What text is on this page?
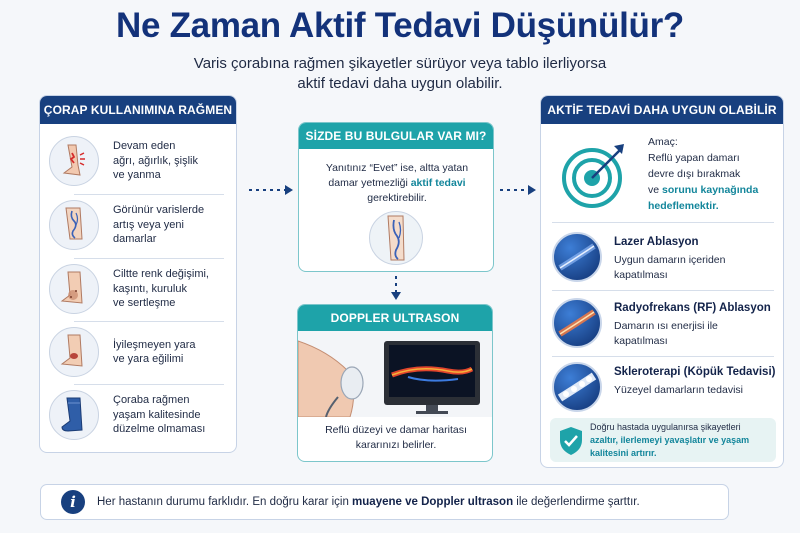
Ne Zaman Aktif Tedavi Düşünülür?
Varis çorabına rağmen şikayetler sürüyor veya tablo ilerliyorsa
aktif tedavi daha uygun olabilir.
ÇORAP KULLANIMINA RAĞMEN
Devam eden
ağrı, ağırlık, şişlik
ve yanma
Görünür varislerde
artış veya yeni
damarlar
Ciltte renk değişimi,
kaşıntı, kuruluk
ve sertleşme
İyileşmeyen yara
ve yara eğilimi
Çoraba rağmen
yaşam kalitesinde
düzelme olmaması
SİZDE BU BULGULAR VAR MI?
Yanıtınız “Evet” ise, altta yatan
damar yetmezliği aktif tedavi
gerektirebilir.
DOPPLER ULTRASON
Reflü düzeyi ve damar haritası
kararınızı belirler.
AKTİF TEDAVİ DAHA UYGUN OLABİLİR
Amaç:
Reflü yapan damarı
devre dışı bırakmak
ve sorunu kaynağında
hedeflemektir.
Lazer Ablasyon
Uygun damarın içeriden
kapatılması
Radyofrekans (RF) Ablasyon
Damarın ısı enerjisi ile
kapatılması
Skleroterapi (Köpük Tedavisi)
Yüzeyel damarların tedavisi
Doğru hastada uygulanırsa şikayetleri
azaltır, ilerlemeyi yavaşlatır ve yaşam
kalitesini artırır.
i	Her hastanın durumu farklıdır. En doğru karar için muayene ve Doppler ultrason ile değerlendirme şarttır.
